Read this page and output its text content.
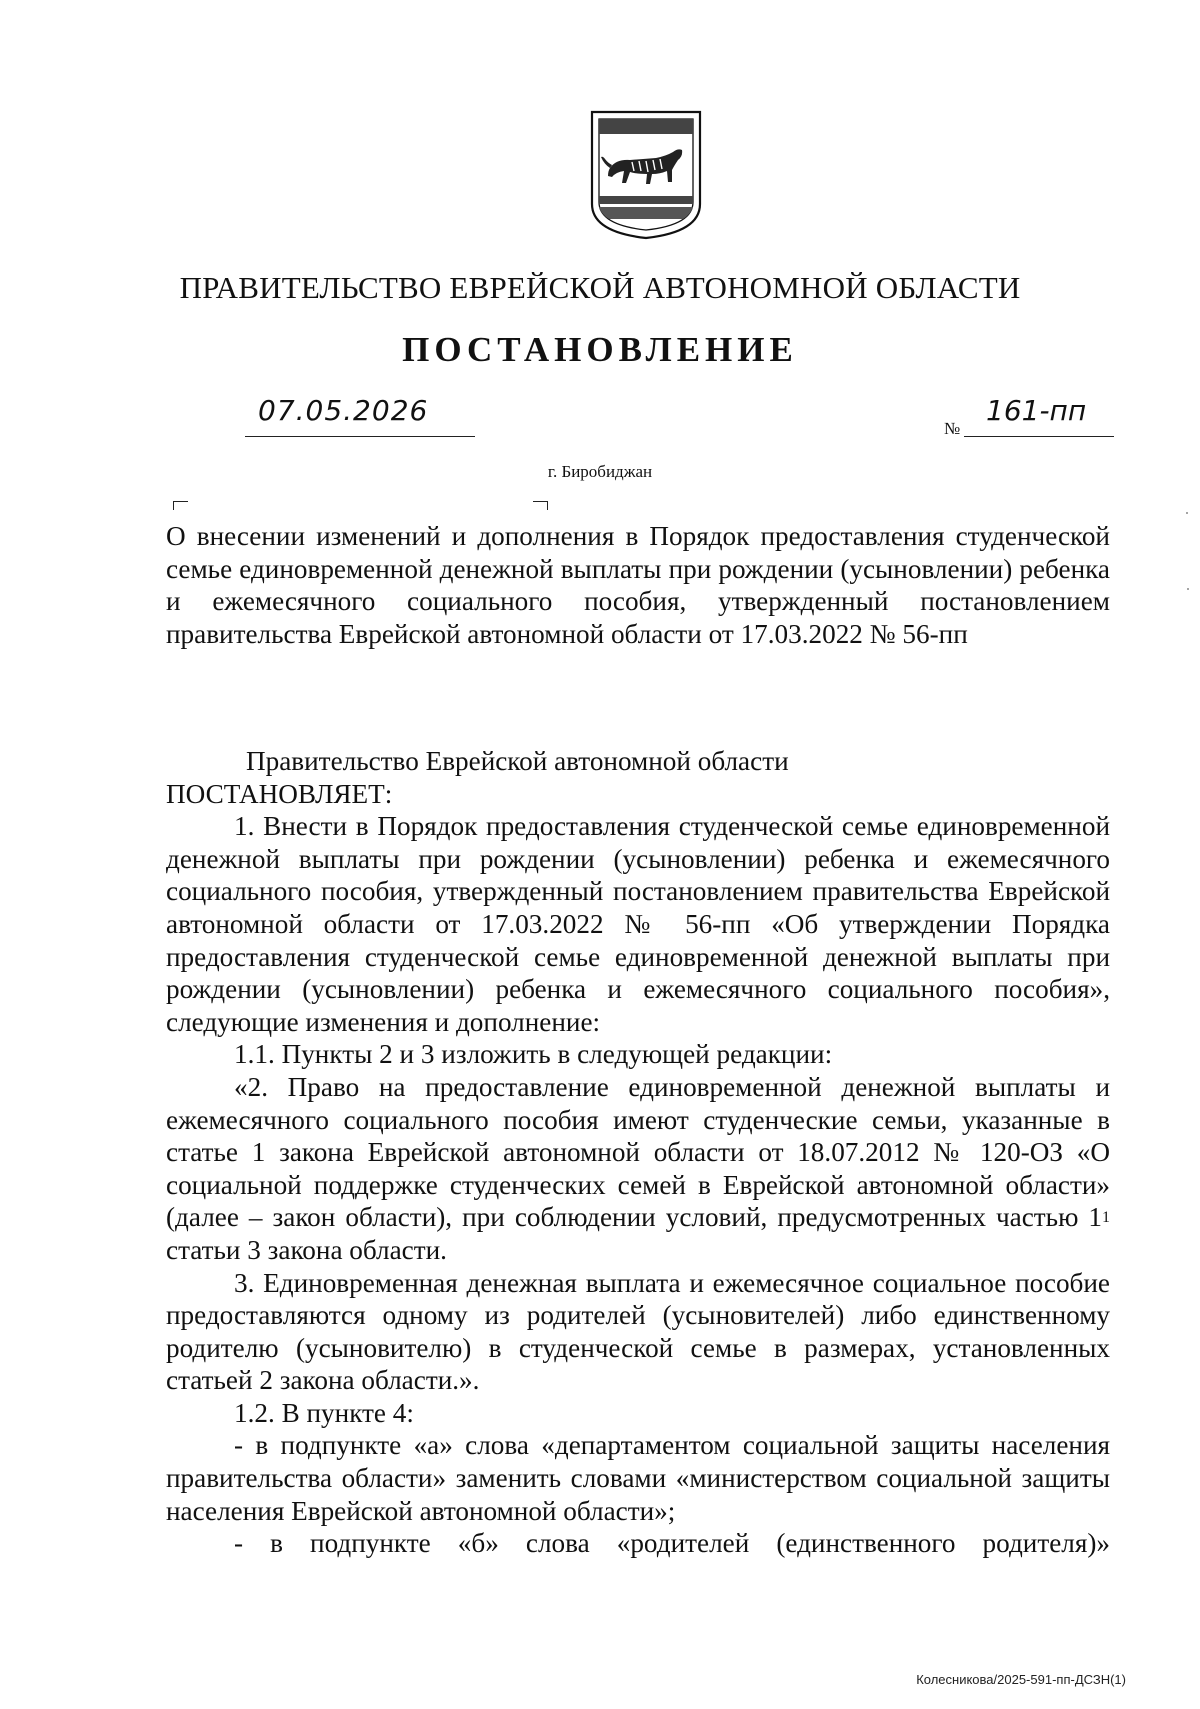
ПРАВИТЕЛЬСТВО ЕВРЕЙСКОЙ АВТОНОМНОЙ ОБЛАСТИ
ПОСТАНОВЛЕНИЕ
07.05.2026
№
161-пп
г. Биробиджан
О внесении изменений и дополнения в Порядок предоставления студенческой семье единовременной денежной выплаты при рождении (усыновлении) ребенка и ежемесячного социального пособия, утвержденный постановлением правительства Еврейской автономной области от 17.03.2022 № 56-пп

Правительство Еврейской автономной области

ПОСТАНОВЛЯЕТ:

1. Внести в Порядок предоставления студенческой семье единовременной денежной выплаты при рождении (усыновлении) ребенка и ежемесячного социального пособия, утвержденный постановлением правительства Еврейской автономной области от 17.03.2022 № 56-пп «Об утверждении Порядка предоставления студенческой семье единовременной денежной выплаты при рождении (усыновлении) ребенка и ежемесячного социального пособия», следующие изменения и дополнение:

1.1. Пункты 2 и 3 изложить в следующей редакции:

«2. Право на предоставление единовременной денежной выплаты и ежемесячного социального пособия имеют студенческие семьи, указанные в статье 1 закона Еврейской автономной области от 18.07.2012 № 120-ОЗ «О социальной поддержке студенческих семей в Еврейской автономной области» (далее – закон области), при соблюдении условий, предусмотренных частью $1^1$ статьи 3 закона области.

3. Единовременная денежная выплата и ежемесячное социальное пособие предоставляются одному из родителей (усыновителей) либо единственному родителю (усыновителю) в студенческой семье в размерах, установленных статьей 2 закона области.».

1.2. В пункте 4:

- в подпункте «а» слова «департаментом социальной защиты населения правительства области» заменить словами «министерством социальной защиты населения Еврейской автономной области»;

- в подпункте «б» слова «родителей (единственного родителя)»

Колесникова/2025-591-пп-ДСЗН(1)
